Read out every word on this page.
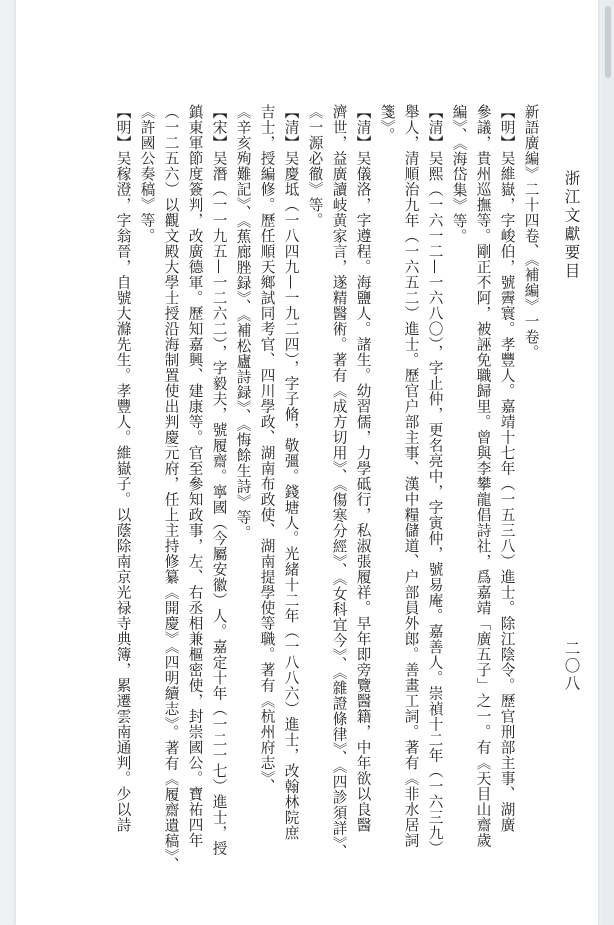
浙江文獻要目
二〇八
新語廣編》二十四卷、《補編》一卷。
【明】吴維嶽，字峻伯，號霽寰。孝豐人。嘉靖十七年（一五三八）進士。除江陰令。歷官刑部主事、湖廣
參議，貴州巡撫等。剛正不阿，被誣免職歸里。曾與李攀龍倡詩社，爲嘉靖「廣五子」之一。有《天目山齋歲
編》、《海岱集》等。
【清】吴熙（一六一二—一六八〇），字止仲，更名亮中，字寅仲，號易庵。嘉善人。崇禎十二年（一六三九）
舉人，清順治九年（一六五二）進士。歷官户部主事、漢中糧儲道、户部員外郎。善畫工詞。著有《非水居詞
箋》。
【清】吴儀洛，字遵程。海鹽人。諸生。幼習儒，力學砥行，私淑張履祥。早年即旁覽醫籍，中年欲以良醫
濟世，益廣讀岐黄家言，遂精醫術。著有《成方切用》、《傷寒分經》、《女科宜今》、《雜證條律》、《四診須詳》、
《一源必徹》等。
【清】吴慶坻（一八四九—一九二四），字子脩，敬彊。錢塘人。光緒十二年（一八八六）進士，改翰林院庶
吉士，授編修。歷任順天鄉試同考官、四川學政、湖南布政使、湖南提學使等職。著有《杭州府志》、
《辛亥殉難記》、《蕉廊脞録》、《補松廬詩録》、《悔餘生詩》等。
【宋】吴潛（一一九五—一二六二），字毅夫，號履齋。寧國（今屬安徽）人。嘉定十年（一二一七）進士，授
鎮東軍節度簽判，改廣德軍。歷知嘉興、建康等。官至參知政事，左、右丞相兼樞密使，封崇國公。寶祐四年
（一二五六）以觀文殿大學士授沿海制置使出判慶元府，任上主持修纂《開慶》《四明續志》。著有《履齋遺稿》、
《許國公奏稿》等。
【明】吴稼澄，字翁晉，自號大滌先生。孝豐人。維嶽子。以蔭除南京光禄寺典簿，累遷雲南通判。少以詩
